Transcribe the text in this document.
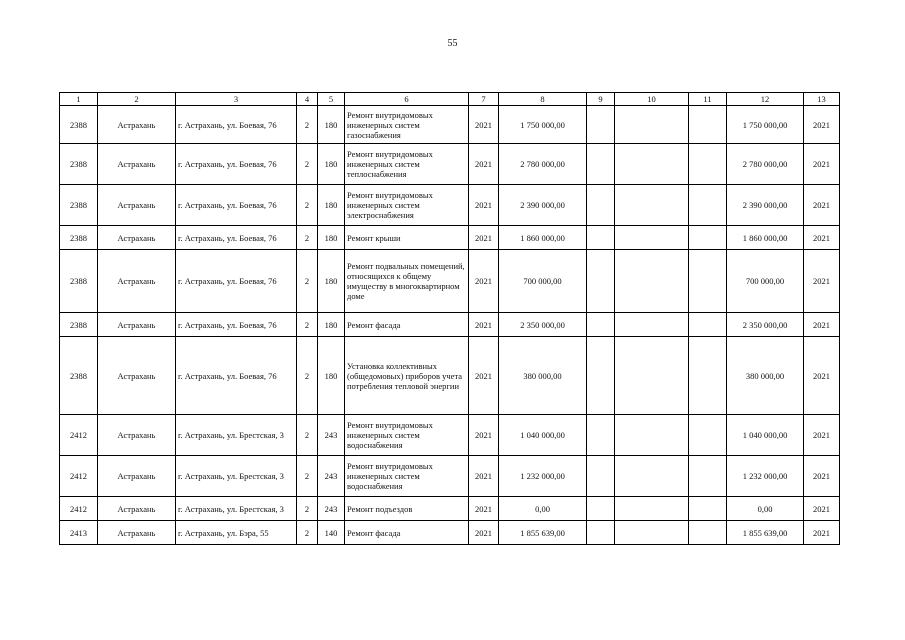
55
1	2	3	4	5	6	7	8	9	10	11	12	13
2388	Астрахань	г. Астрахань, ул. Боевая, 76	2	180	Ремонт внутридомовых инженерных систем газоснабжения	2021	1 750 000,00				1 750 000,00	2021
2388	Астрахань	г. Астрахань, ул. Боевая, 76	2	180	Ремонт внутридомовых инженерных систем теплоснабжения	2021	2 780 000,00				2 780 000,00	2021
2388	Астрахань	г. Астрахань, ул. Боевая, 76	2	180	Ремонт внутридомовых инженерных систем электроснабжения	2021	2 390 000,00				2 390 000,00	2021
2388	Астрахань	г. Астрахань, ул. Боевая, 76	2	180	Ремонт крыши	2021	1 860 000,00				1 860 000,00	2021
2388	Астрахань	г. Астрахань, ул. Боевая, 76	2	180	Ремонт подвальных помещений, относящихся к общему имуществу в многоквартирном доме	2021	700 000,00				700 000,00	2021
2388	Астрахань	г. Астрахань, ул. Боевая, 76	2	180	Ремонт фасада	2021	2 350 000,00				2 350 000,00	2021
2388	Астрахань	г. Астрахань, ул. Боевая, 76	2	180	Установка коллективных (общедомовых) приборов учета потребления тепловой энергии	2021	380 000,00				380 000,00	2021
2412	Астрахань	г. Астрахань, ул. Брестская, 3	2	243	Ремонт внутридомовых инженерных систем водоснабжения	2021	1 040 000,00				1 040 000,00	2021
2412	Астрахань	г. Астрахань, ул. Брестская, 3	2	243	Ремонт внутридомовых инженерных систем водоснабжения	2021	1 232 000,00				1 232 000,00	2021
2412	Астрахань	г. Астрахань, ул. Брестская, 3	2	243	Ремонт подъездов	2021	0,00				0,00	2021
2413	Астрахань	г. Астрахань, ул. Бэра, 55	2	140	Ремонт фасада	2021	1 855 639,00				1 855 639,00	2021
